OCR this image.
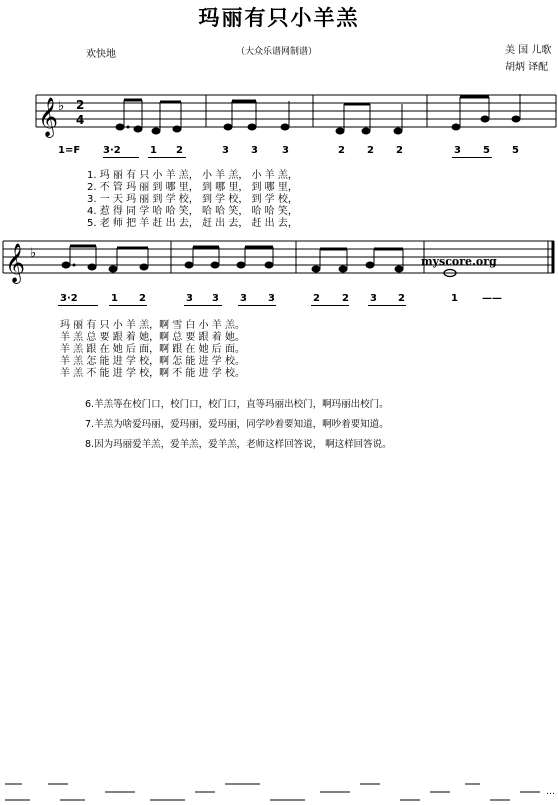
玛丽有只小羊羔
（大众乐谱网制谱）	美 国 儿歌
胡炳 译配
欢快地
𝄞 ♭ 2
4
𝄞 ♭
myscore.org
…
1=F 3·2	1 2	3 3 3	2 2 2	3 5 5
1. 玛 丽 有 只 小 羊 羔， 小 羊 羔， 小 羊 羔，
2. 不 管 玛 丽 到 哪 里， 到 哪 里， 到 哪 里，
3. 一 天 玛 丽 到 学 校， 到 学 校， 到 学 校，
4. 惹 得 同 学 哈 哈 笑， 哈 哈 笑， 哈 哈 笑，
5. 老 师 把 羊 赶 出 去， 赶 出 去， 赶 出 去，
3·2	1 2	3 3 3 3	2 2 3 2	1 ——
玛 丽 有 只 小 羊 羔，啊 雪 白 小 羊 羔。
羊 羔 总 要 跟 着 她，啊 总 要 跟 着 她。
羊 羔 跟 在 她 后 面，啊 跟 在 她 后 面。
羊 羔 怎 能 进 学 校，啊 怎 能 进 学 校。
羊 羔 不 能 进 学 校，啊 不 能 进 学 校。
6.羊羔等在校门口，校门口，校门口，直等玛丽出校门，啊玛丽出校门。
7.羊羔为啥爱玛丽，爱玛丽，爱玛丽，同学吵着要知道，啊吵着要知道。
8.因为玛丽爱羊羔，爱羊羔，爱羊羔，老师这样回答说， 啊这样回答说。
